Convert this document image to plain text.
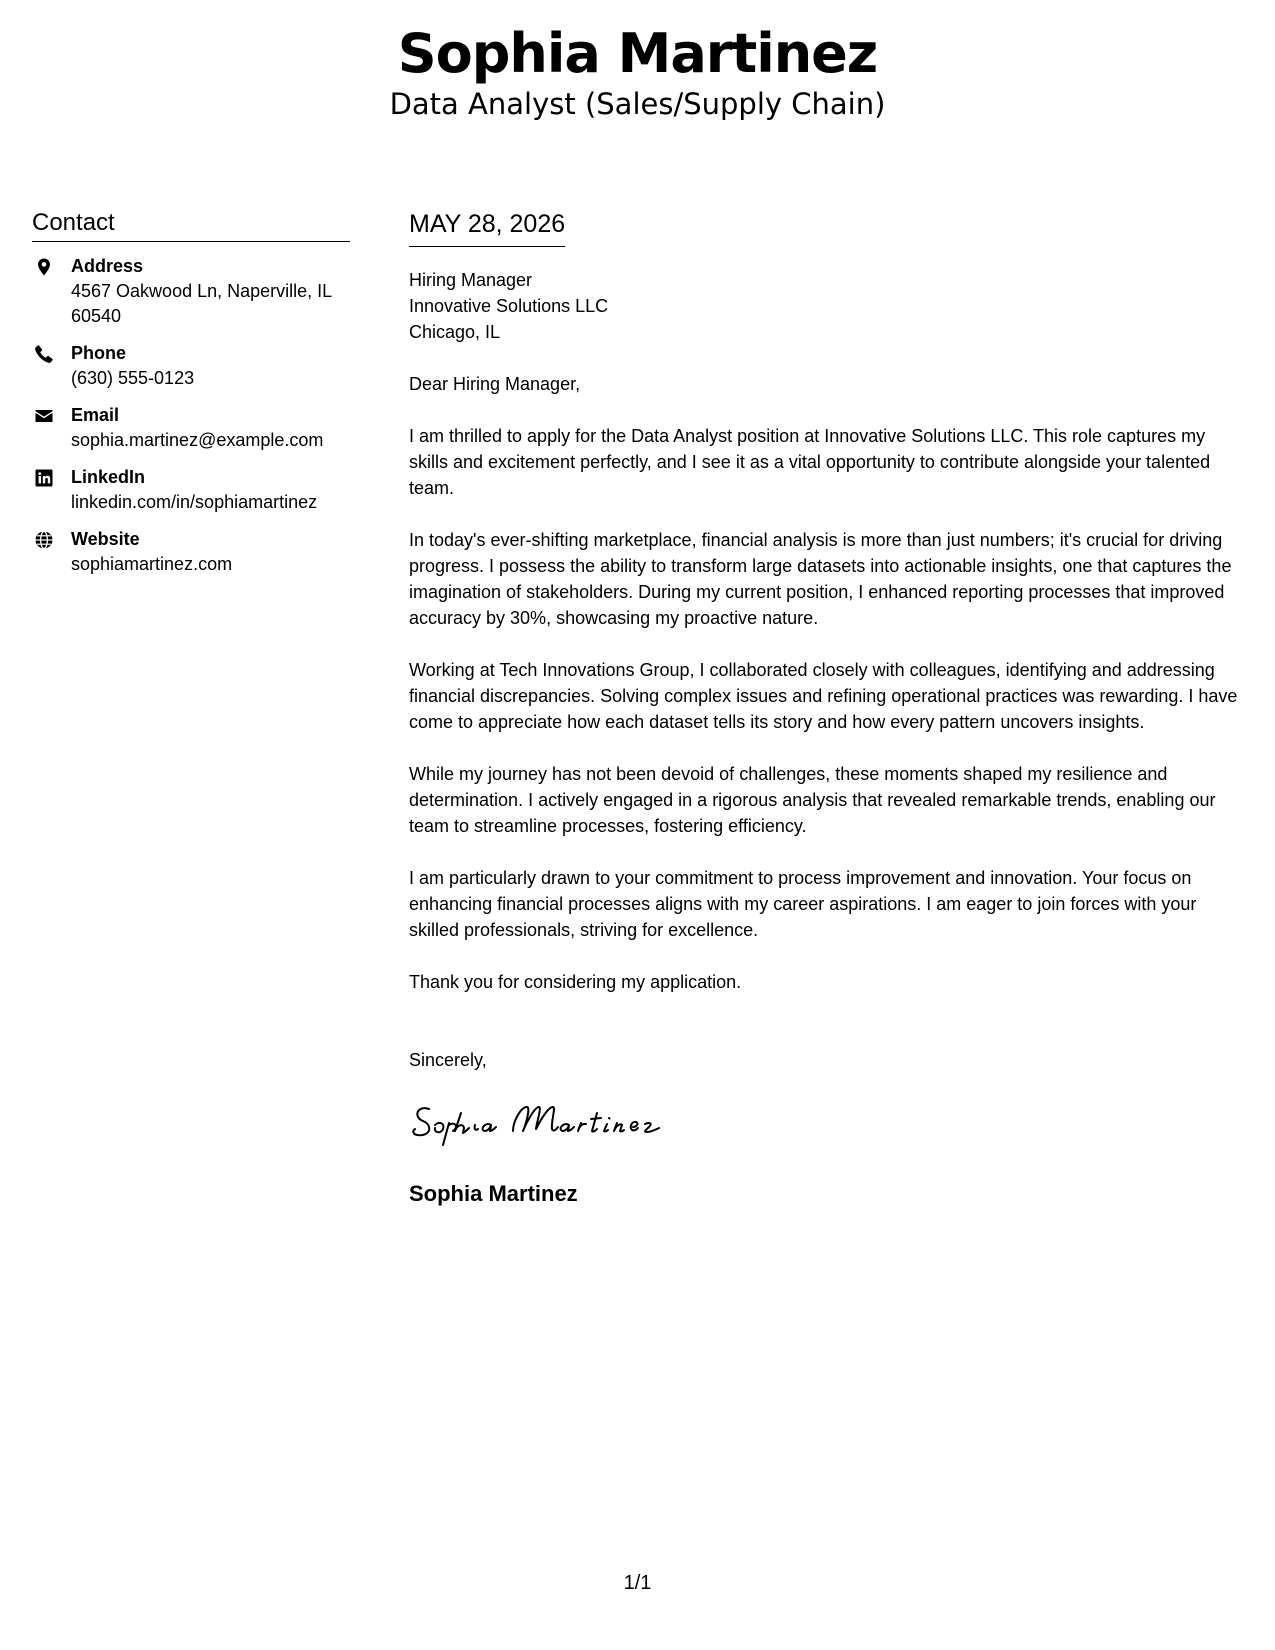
Sophia Martinez
Data Analyst (Sales/Supply Chain)
Contact
Address
4567 Oakwood Ln, Naperville, IL 60540
Phone
(630) 555-0123
Email
sophia.martinez@example.com
LinkedIn
linkedin.com/in/sophiamartinez
Website
sophiamartinez.com
MAY 28, 2026
Hiring Manager
Innovative Solutions LLC
Chicago, IL
Dear Hiring Manager,
I am thrilled to apply for the Data Analyst position at Innovative Solutions LLC. This role captures my skills and excitement perfectly, and I see it as a vital opportunity to contribute alongside your talented team.
In today's ever-shifting marketplace, financial analysis is more than just numbers; it's crucial for driving progress. I possess the ability to transform large datasets into actionable insights, one that captures the imagination of stakeholders. During my current position, I enhanced reporting processes that improved accuracy by 30%, showcasing my proactive nature.
Working at Tech Innovations Group, I collaborated closely with colleagues, identifying and addressing financial discrepancies. Solving complex issues and refining operational practices was rewarding. I have come to appreciate how each dataset tells its story and how every pattern uncovers insights.
While my journey has not been devoid of challenges, these moments shaped my resilience and determination. I actively engaged in a rigorous analysis that revealed remarkable trends, enabling our team to streamline processes, fostering efficiency.
I am particularly drawn to your commitment to process improvement and innovation. Your focus on enhancing financial processes aligns with my career aspirations. I am eager to join forces with your skilled professionals, striving for excellence.
Thank you for considering my application.
Sincerely,
Sophia Martinez
1/1
